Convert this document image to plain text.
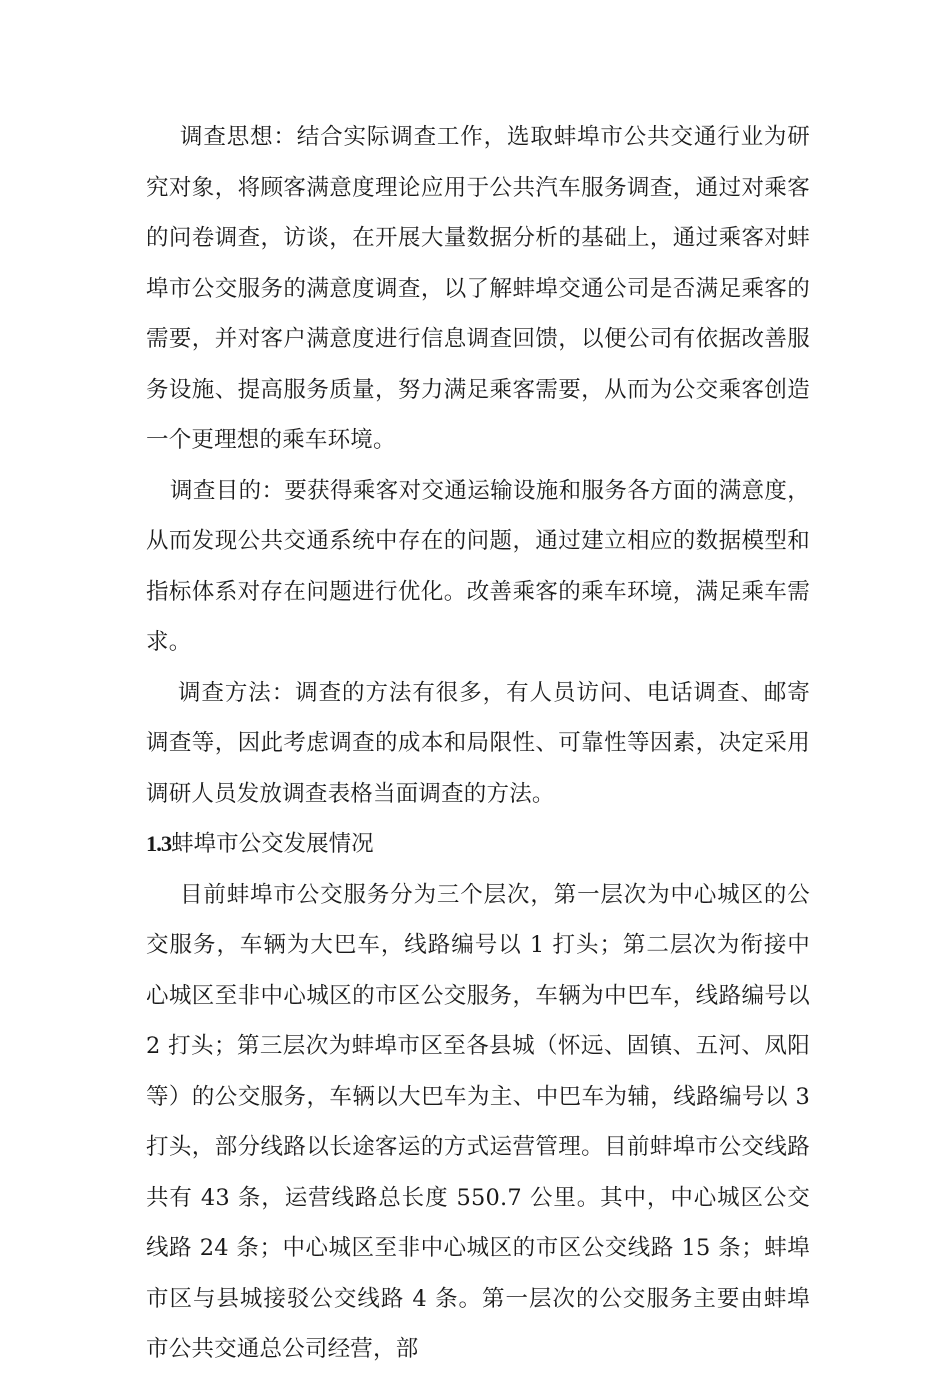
调查思想：结合实际调查工作，选取蚌埠市公共交通行业为研究对象，将顾客满意度理论应用于公共汽车服务调查，通过对乘客的问卷调查，访谈，在开展大量数据分析的基础上，通过乘客对蚌埠市公交服务的满意度调查，以了解蚌埠交通公司是否满足乘客的需要，并对客户满意度进行信息调查回馈，以便公司有依据改善服务设施、提高服务质量，努力满足乘客需要，从而为公交乘客创造一个更理想的乘车环境。

调查目的：要获得乘客对交通运输设施和服务各方面的满意度，从而发现公共交通系统中存在的问题，通过建立相应的数据模型和指标体系对存在问题进行优化。改善乘客的乘车环境，满足乘车需求。

调查方法：调查的方法有很多，有人员访问、电话调查、邮寄调查等，因此考虑调查的成本和局限性、可靠性等因素，决定采用调研人员发放调查表格当面调查的方法。

1.3蚌埠市公交发展情况

目前蚌埠市公交服务分为三个层次，第一层次为中心城区的公交服务，车辆为大巴车，线路编号以 1 打头；第二层次为衔接中心城区至非中心城区的市区公交服务，车辆为中巴车，线路编号以 2 打头；第三层次为蚌埠市区至各县城（怀远、固镇、五河、凤阳等）的公交服务，车辆以大巴车为主、中巴车为辅，线路编号以 3 打头，部分线路以长途客运的方式运营管理。目前蚌埠市公交线路共有 43 条，运营线路总长度 550.7 公里。其中，中心城区公交线路 24 条；中心城区至非中心城区的市区公交线路 15 条；蚌埠市区与县城接驳公交线路 4 条。第一层次的公交服务主要由蚌埠市公共交通总公司经营，部
